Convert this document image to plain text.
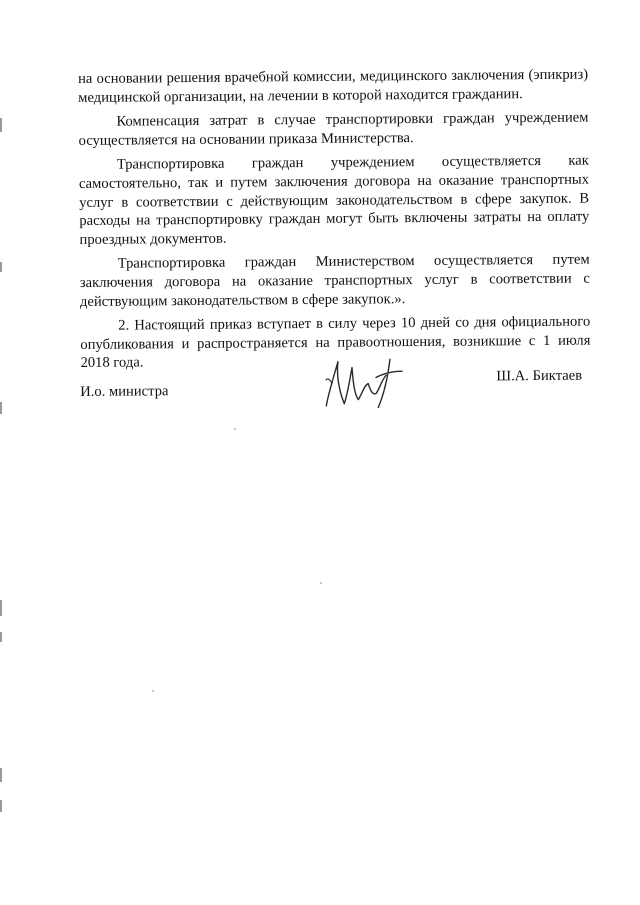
на основании решения врачебной комиссии, медицинского заключения (эпикриз) медицинской организации, на лечении в которой находится гражданин.

Компенсация затрат в случае транспортировки граждан учреждением осуществляется на основании приказа Министерства.

Транспортировка граждан учреждением осуществляется как самостоятельно, так и путем заключения договора на оказание транспортных услуг в соответствии с действующим законодательством в сфере закупок. В расходы на транспортировку граждан могут быть включены затраты на оплату проездных документов.

Транспортировка граждан Министерством осуществляется путем заключения договора на оказание транспортных услуг в соответствии с действующим законодательством в сфере закупок.».

2. Настоящий приказ вступает в силу через 10 дней со дня официального опубликования и распространяется на правоотношения, возникшие с 1 июля 2018 года.

И.о. министра
Ш.А. Биктаев
